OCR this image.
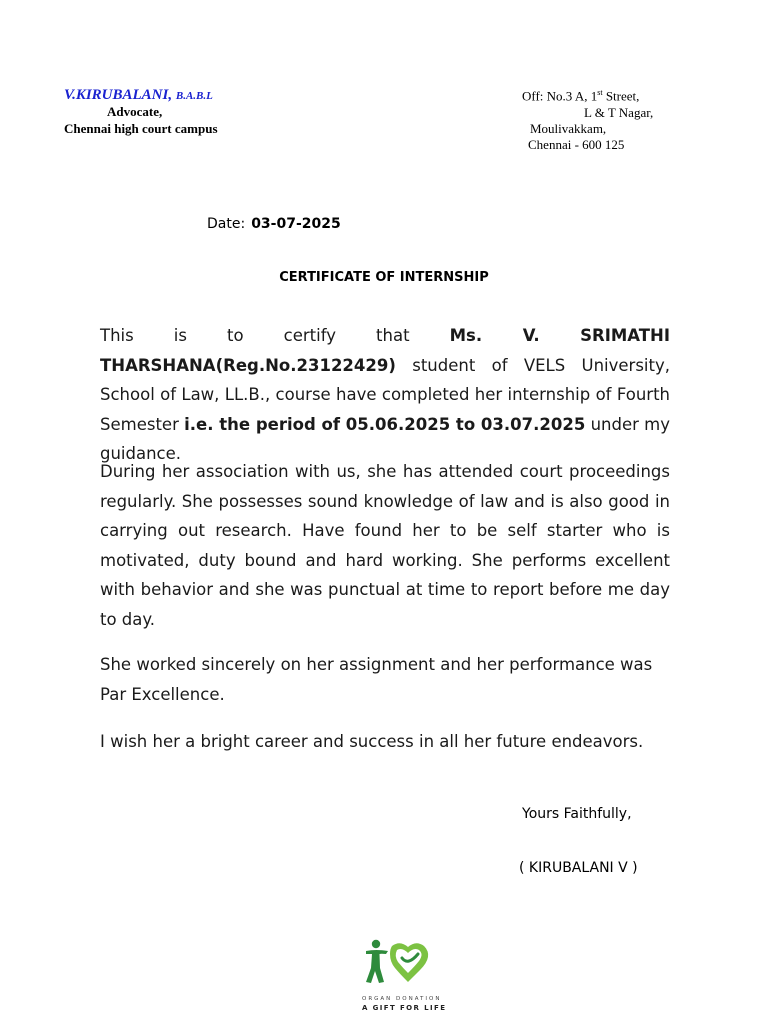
V.KIRUBALANI, B.A.B.L
Advocate,
Chennai high court campus
Off: No.3 A, 1st Street,
L & T Nagar,
Moulivakkam,
Chennai - 600 125
Date: 03-07-2025
CERTIFICATE OF INTERNSHIP
This is to certify that Ms. V. SRIMATHI THARSHANA(Reg.No.23122429) student of VELS University, School of Law, LL.B., course have completed her internship of Fourth Semester i.e. the period of 05.06.2025 to 03.07.2025 under my guidance.
During her association with us, she has attended court proceedings regularly. She possesses sound knowledge of law and is also good in carrying out research. Have found her to be self starter who is motivated, duty bound and hard working. She performs excellent with behavior and she was punctual at time to report before me day to day.
She worked sincerely on her assignment and her performance was
Par Excellence.
I wish her a bright career and success in all her future endeavors.
Yours Faithfully,
( KIRUBALANI V )
ORGAN DONATION
A GIFT FOR LIFE
